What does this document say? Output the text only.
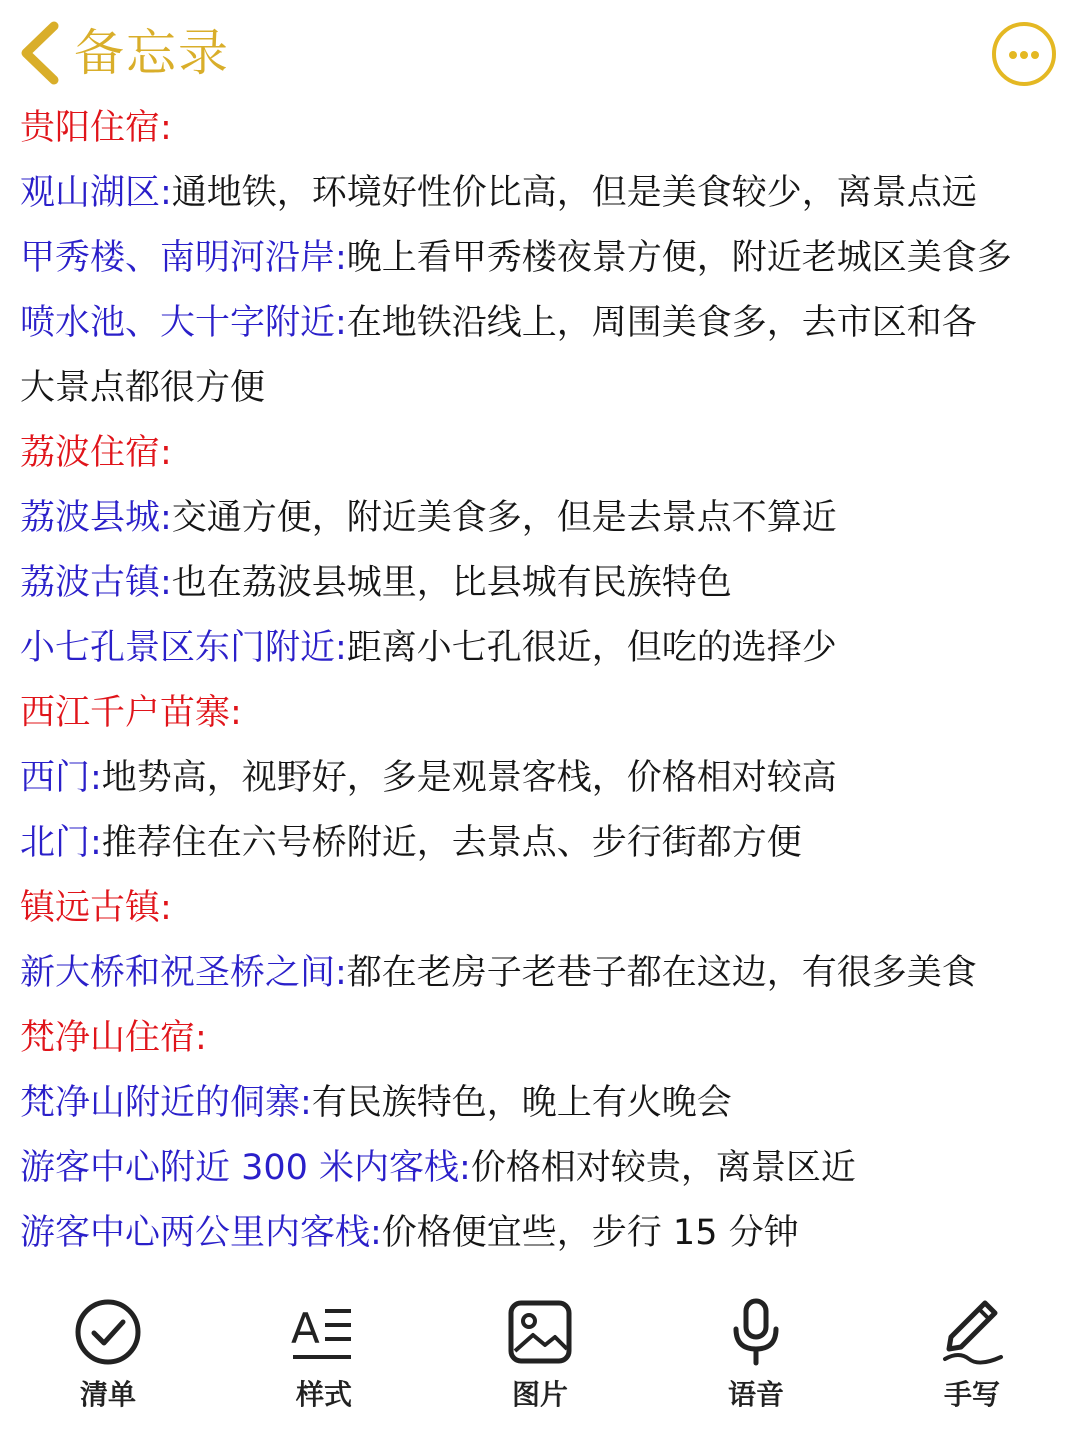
备忘录
贵阳住宿:
观山湖区:通地铁，环境好性价比高，但是美食较少，离景点远
甲秀楼、南明河沿岸:晚上看甲秀楼夜景方便，附近老城区美食多
喷水池、大十字附近:在地铁沿线上，周围美食多，去市区和各
大景点都很方便
荔波住宿:
荔波县城:交通方便，附近美食多，但是去景点不算近
荔波古镇:也在荔波县城里，比县城有民族特色
小七孔景区东门附近:距离小七孔很近，但吃的选择少
西江千户苗寨:
西门:地势高，视野好，多是观景客栈，价格相对较高
北门:推荐住在六号桥附近，去景点、步行街都方便
镇远古镇:
新大桥和祝圣桥之间:都在老房子老巷子都在这边，有很多美食
梵净山住宿:
梵净山附近的侗寨:有民族特色，晚上有火晚会
游客中心附近 300 米内客栈:价格相对较贵，离景区近
游客中心两公里内客栈:价格便宜些，步行 15 分钟
清单
A
样式	图片	语音	手写
